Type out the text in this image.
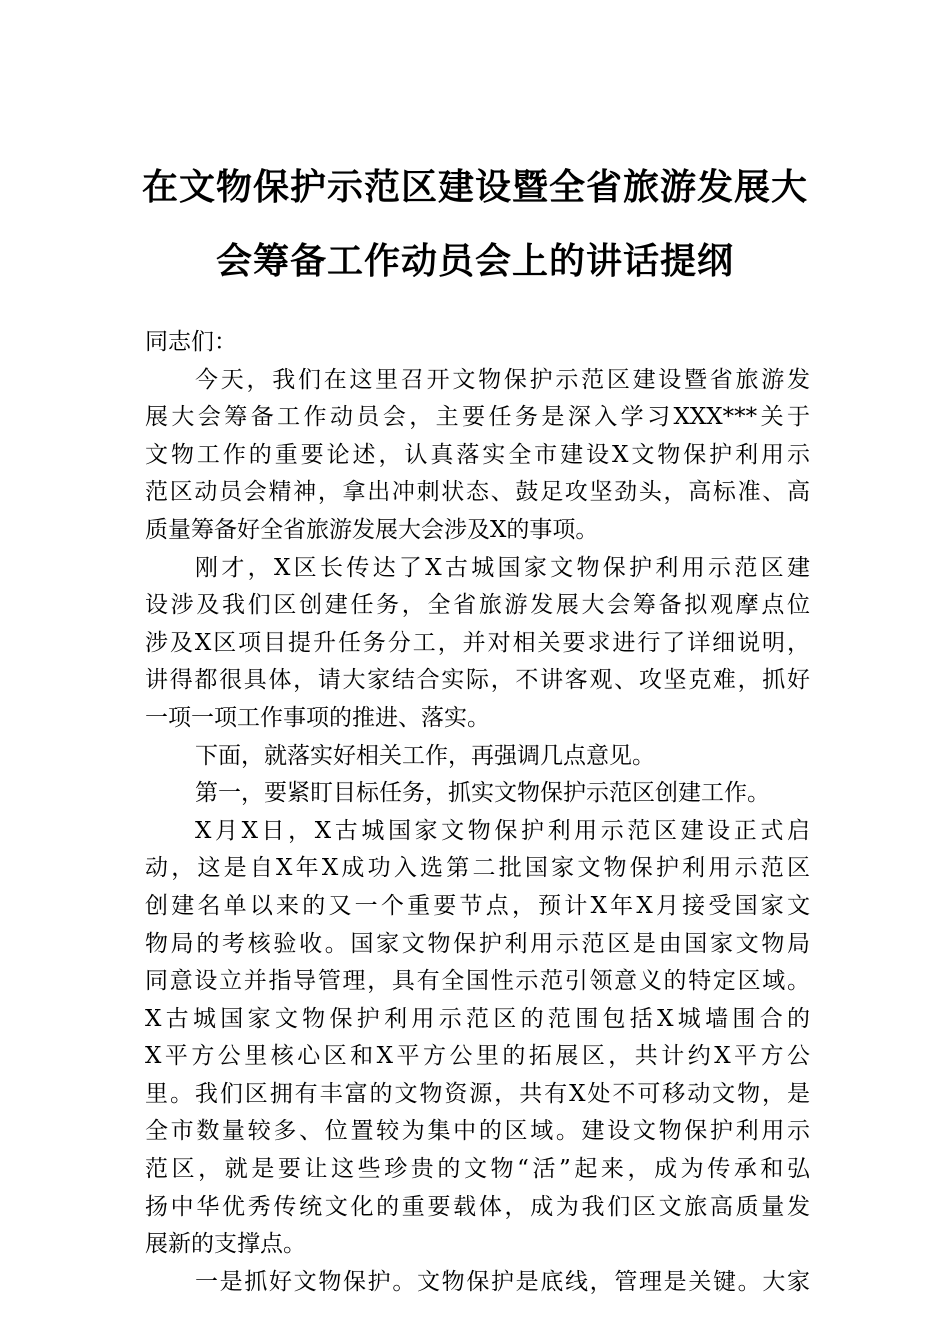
在文物保护示范区建设暨全省旅游发展大
会筹备工作动员会上的讲话提纲
同志们：
今天，我们在这里召开文物保护示范区建设暨省旅游发
展大会筹备工作动员会，主要任务是深入学习XXX***关于
文物工作的重要论述，认真落实全市建设X文物保护利用示
范区动员会精神，拿出冲刺状态、鼓足攻坚劲头，高标准、高
质量筹备好全省旅游发展大会涉及X的事项。
刚才，X区长传达了X古城国家文物保护利用示范区建
设涉及我们区创建任务，全省旅游发展大会筹备拟观摩点位
涉及X区项目提升任务分工，并对相关要求进行了详细说明，
讲得都很具体，请大家结合实际，不讲客观、攻坚克难，抓好
一项一项工作事项的推进、落实。
下面，就落实好相关工作，再强调几点意见。
第一，要紧盯目标任务，抓实文物保护示范区创建工作。
X月X日，X古城国家文物保护利用示范区建设正式启
动，这是自X年X成功入选第二批国家文物保护利用示范区
创建名单以来的又一个重要节点，预计X年X月接受国家文
物局的考核验收。国家文物保护利用示范区是由国家文物局
同意设立并指导管理，具有全国性示范引领意义的特定区域。
X古城国家文物保护利用示范区的范围包括X城墙围合的
X平方公里核心区和X平方公里的拓展区，共计约X平方公
里。我们区拥有丰富的文物资源，共有X处不可移动文物，是
全市数量较多、位置较为集中的区域。建设文物保护利用示
范区，就是要让这些珍贵的文物“活”起来，成为传承和弘
扬中华优秀传统文化的重要载体，成为我们区文旅高质量发
展新的支撑点。
一是抓好文物保护。文物保护是底线，管理是关键。大家
